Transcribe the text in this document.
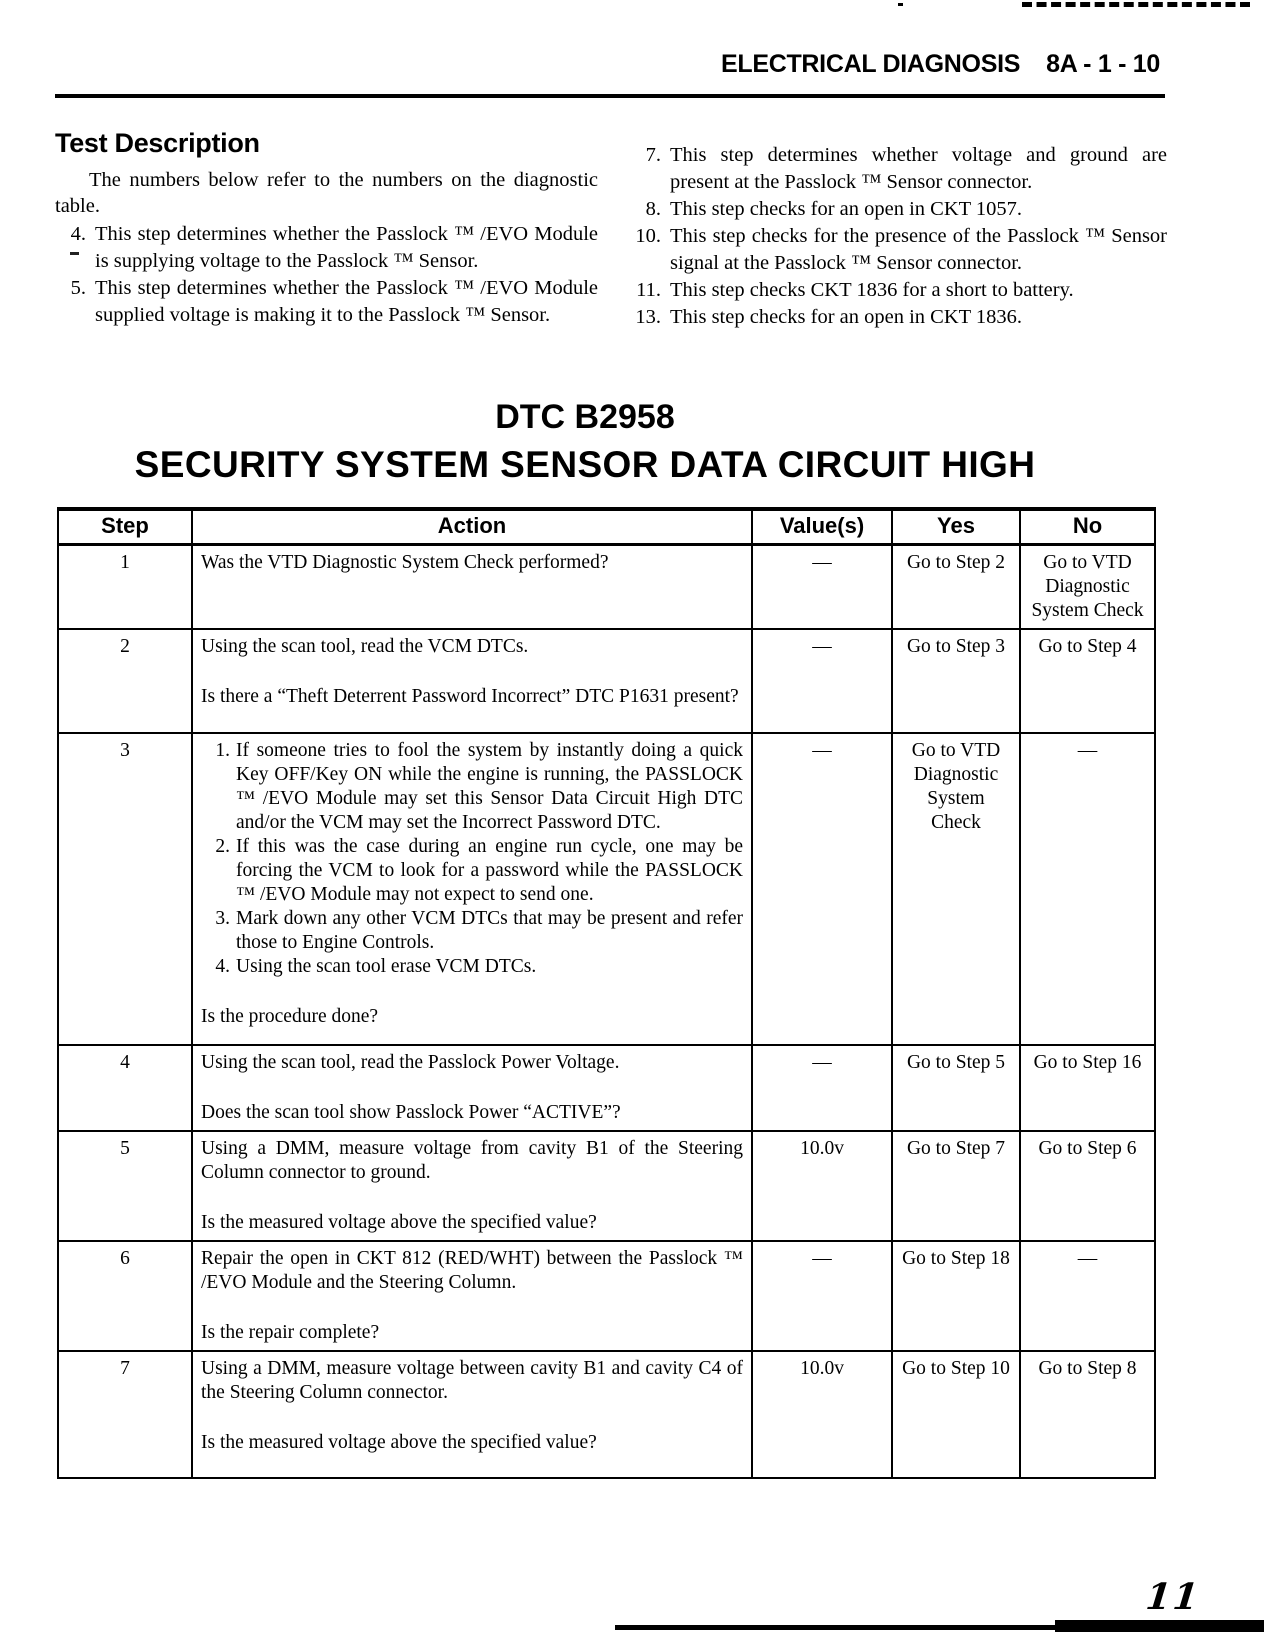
ELECTRICAL DIAGNOSIS 8A - 1 - 10
Test Description

The numbers below refer to the numbers on the diagnostic table.

4. This step determines whether the Passlock ™ /EVO Module is supplying voltage to the Passlock ™ Sensor.
5. This step determines whether the Passlock ™ /EVO Module supplied voltage is making it to the Passlock ™ Sensor.
7. This step determines whether voltage and ground are present at the Passlock ™ Sensor connector.
8. This step checks for an open in CKT 1057.
10. This step checks for the presence of the Passlock ™ Sensor signal at the Passlock ™ Sensor connector.
11. This step checks CKT 1836 for a short to battery.
13. This step checks for an open in CKT 1836.
DTC B2958
SECURITY SYSTEM SENSOR DATA CIRCUIT HIGH
Step	Action	Value(s)	Yes	No
1	Was the VTD Diagnostic System Check performed?	—	Go to Step 2	Go to VTD Diagnostic System Check
2	Using the scan tool, read the VCM DTCs.
Is there a “Theft Deterrent Password Incorrect” DTC P1631 present?	—	Go to Step 3	Go to Step 4
3	1. If someone tries to fool the system by instantly doing a quick Key OFF/Key ON while the engine is running, the PASSLOCK ™ /EVO Module may set this Sensor Data Circuit High DTC and/or the VCM may set the Incorrect Password DTC.
2. If this was the case during an engine run cycle, one may be forcing the VCM to look for a password while the PASSLOCK ™ /EVO Module may not expect to send one.
3. Mark down any other VCM DTCs that may be present and refer those to Engine Controls.
4. Using the scan tool erase VCM DTCs.
Is the procedure done?
	—	Go to VTD Diagnostic System Check	—
4	Using the scan tool, read the Passlock Power Voltage.
Does the scan tool show Passlock Power “ACTIVE”?	—	Go to Step 5	Go to Step 16
5	Using a DMM, measure voltage from cavity B1 of the Steering Column connector to ground.
Is the measured voltage above the specified value?	10.0v	Go to Step 7	Go to Step 6
6	Repair the open in CKT 812 (RED/WHT) between the Passlock ™ /EVO Module and the Steering Column.
Is the repair complete?	—	Go to Step 18	—
7	Using a DMM, measure voltage between cavity B1 and cavity C4 of the Steering Column connector.
Is the measured voltage above the specified value?	10.0v	Go to Step 10	Go to Step 8
11
